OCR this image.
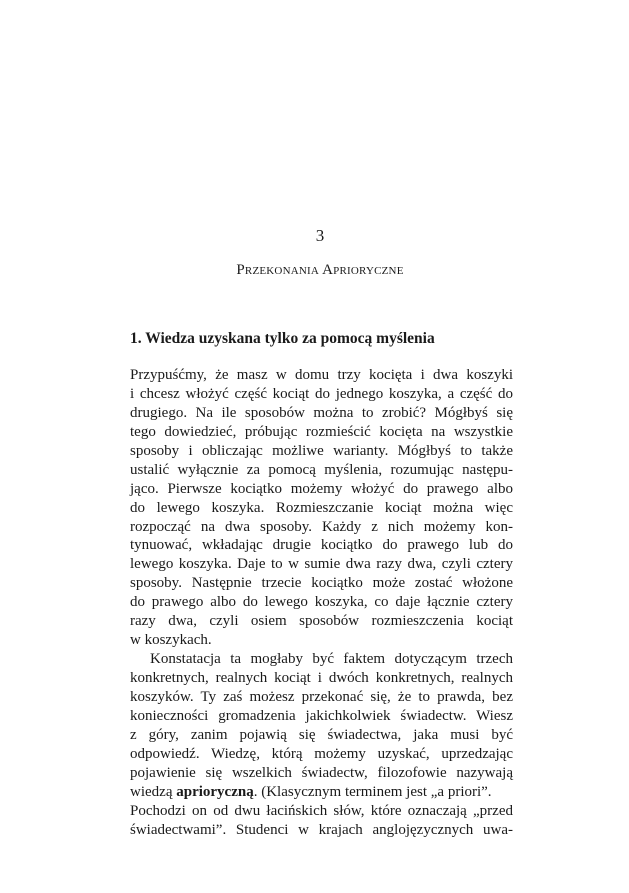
3
Przekonania Aprioryczne
1. Wiedza uzyskana tylko za pomocą myślenia
Przypuśćmy, że masz w domu trzy kocięta i dwa koszyki
i chcesz włożyć część kociąt do jednego koszyka, a część do
drugiego. Na ile sposobów można to zrobić? Mógłbyś się
tego dowiedzieć, próbując rozmieścić kocięta na wszystkie
sposoby i obliczając możliwe warianty. Mógłbyś to także
ustalić wyłącznie za pomocą myślenia, rozumując następu-
jąco. Pierwsze kociątko możemy włożyć do prawego albo
do lewego koszyka. Rozmieszczanie kociąt można więc
rozpocząć na dwa sposoby. Każdy z nich możemy kon-
tynuować, wkładając drugie kociątko do prawego lub do
lewego koszyka. Daje to w sumie dwa razy dwa, czyli cztery
sposoby. Następnie trzecie kociątko może zostać włożone
do prawego albo do lewego koszyka, co daje łącznie cztery
razy dwa, czyli osiem sposobów rozmieszczenia kociąt
w koszykach.
Konstatacja ta mogłaby być faktem dotyczącym trzech
konkretnych, realnych kociąt i dwóch konkretnych, realnych
koszyków. Ty zaś możesz przekonać się, że to prawda, bez
konieczności gromadzenia jakichkolwiek świadectw. Wiesz
z góry, zanim pojawią się świadectwa, jaka musi być
odpowiedź. Wiedzę, którą możemy uzyskać, uprzedzając
pojawienie się wszelkich świadectw, filozofowie nazywają
wiedzą aprioryczną. (Klasycznym terminem jest „a priori”.
Pochodzi on od dwu łacińskich słów, które oznaczają „przed
świadectwami”. Studenci w krajach anglojęzycznych uwa-
